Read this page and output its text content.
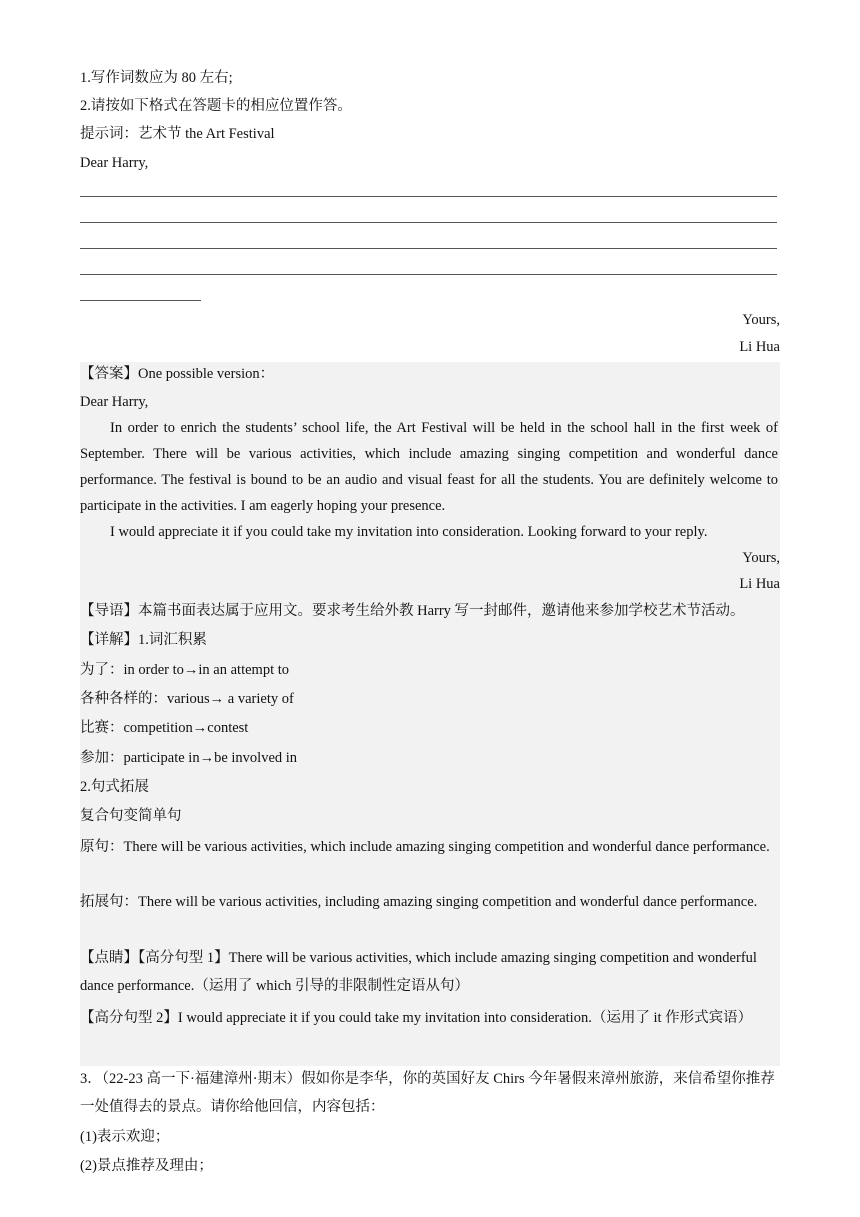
1.写作词数应为 80 左右;
2.请按如下格式在答题卡的相应位置作答。
提示词：艺术节 the Art Festival
Dear Harry,
Yours,
Li Hua
【答案】One possible version：
Dear Harry,
In order to enrich the students’ school life, the Art Festival will be held in the school hall in the first week of September. There will be various activities, which include amazing singing competition and wonderful dance performance. The festival is bound to be an audio and visual feast for all the students. You are definitely welcome to participate in the activities. I am eagerly hoping your presence.
I would appreciate it if you could take my invitation into consideration. Looking forward to your reply.
Yours,
Li Hua
【导语】本篇书面表达属于应用文。要求考生给外教 Harry 写一封邮件，邀请他来参加学校艺术节活动。
【详解】1.词汇积累
为了：in order to→in an attempt to
各种各样的：various→ a variety of
比赛：competition→contest
参加：participate in→be involved in
2.句式拓展
复合句变简单句
原句：There will be various activities, which include amazing singing competition and wonderful dance performance.
拓展句：There will be various activities, including amazing singing competition and wonderful dance performance.
【点睛】【高分句型 1】There will be various activities, which include amazing singing competition and wonderful dance performance.（运用了 which 引导的非限制性定语从句）
【高分句型 2】I would appreciate it if you could take my invitation into consideration.（运用了 it 作形式宾语）
3．（22-23 高一下·福建漳州·期末）假如你是李华，你的英国好友 Chirs 今年暑假来漳州旅游，来信希望你推荐一处值得去的景点。请你给他回信，内容包括：
(1)表示欢迎；
(2)景点推荐及理由；
